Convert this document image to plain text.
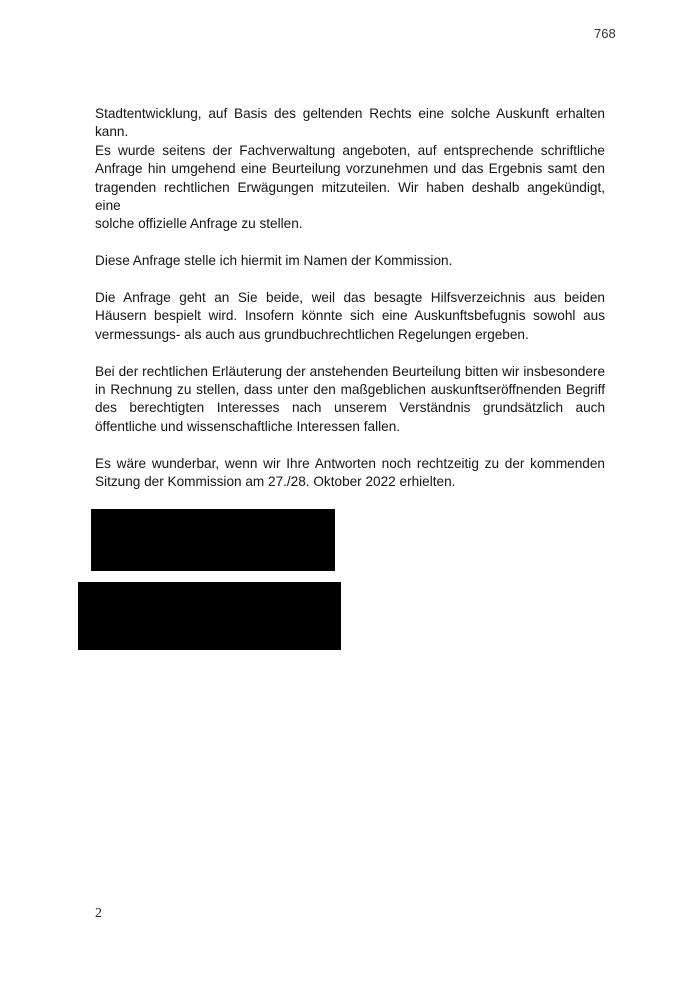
768

Stadtentwicklung, auf Basis des geltenden Rechts eine solche Auskunft erhalten
kann.
Es wurde seitens der Fachverwaltung angeboten, auf entsprechende schriftliche
Anfrage hin umgehend eine Beurteilung vorzunehmen und das Ergebnis samt den
tragenden rechtlichen Erwägungen mitzuteilen. Wir haben deshalb angekündigt, eine
solche offizielle Anfrage zu stellen.

Diese Anfrage stelle ich hiermit im Namen der Kommission.

Die Anfrage geht an Sie beide, weil das besagte Hilfsverzeichnis aus beiden
Häusern bespielt wird. Insofern könnte sich eine Auskunftsbefugnis sowohl aus
vermessungs- als auch aus grundbuchrechtlichen Regelungen ergeben.

Bei der rechtlichen Erläuterung der anstehenden Beurteilung bitten wir insbesondere
in Rechnung zu stellen, dass unter den maßgeblichen auskunftseröffnenden Begriff
des berechtigten Interesses nach unserem Verständnis grundsätzlich auch
öffentliche und wissenschaftliche Interessen fallen.

Es wäre wunderbar, wenn wir Ihre Antworten noch rechtzeitig zu der kommenden
Sitzung der Kommission am 27./28. Oktober 2022 erhielten.

2
